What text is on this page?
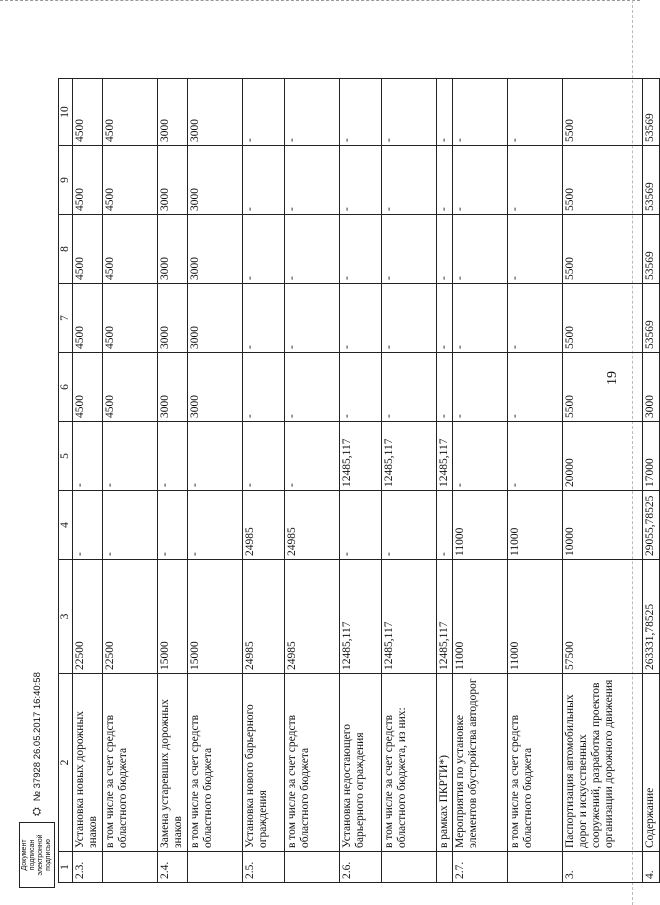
19
1	2	3	4	5	6	7	8	9	10
2.3.	Установка новых дорожных знаков	22500	-	-	4500	4500	4500	4500	4500
	в том числе за счет средств областного бюджета	22500	-	-	4500	4500	4500	4500	4500
2.4.	Замена устаревших дорожных знаков	15000	-	-	3000	3000	3000	3000	3000
	в том числе за счет средств областного бюджета	15000	-	-	3000	3000	3000	3000	3000
2.5.	Установка нового барьерного ограждения	24985	24985	-	-	-	-	-	-
	в том числе за счет средств областного бюджета	24985	24985	-	-	-	-	-	-
2.6.	Установка недостающего барьерного ограждения	12485,117	-	12485,117	-	-	-	-	-
	в том числе за счет средств областного бюджета, из них:	12485,117	-	12485,117	-	-	-	-	-
	в рамках ПКРТИ*)	12485,117	-	12485,117	-	-	-	-	-
2.7.	Мероприятия по установке элементов обустройства автодорог	11000	11000	-	-	-	-	-	-
	в том числе за счет средств областного бюджета	11000	11000	-	-	-	-	-	-
3.	Паспортизация автомобильных дорог и искусственных сооружений, разработка проектов организации дорожного движения	57500	10000	20000	5500	5500	5500	5500	5500
4.	Содержание	263331,78525	29055,78525	17000	3000	53569	53569	53569	53569
Документ подписан электронной подписью
⛭
№ 37928 26.05.2017 16:40:58
